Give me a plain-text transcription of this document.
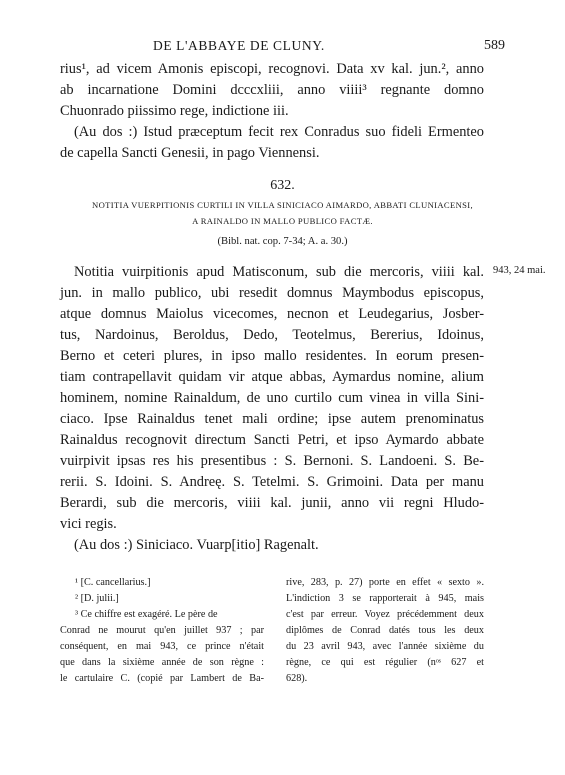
DE L'ABBAYE DE CLUNY.	589
rius¹, ad vicem Amonis episcopi, recognovi. Data xv kal. jun.², anno
ab incarnatione Domini dcccxliii, anno viiii³ regnante domno
Chuonrado piissimo rege, indictione iii.
(Au dos :) Istud præceptum fecit rex Conradus suo fideli Ermenteo
de capella Sancti Genesii, in pago Viennensi.
632.
NOTITIA VUERPITIONIS CURTILI IN VILLA SINICIACO AIMARDO, ABBATI CLUNIACENSI,
A RAINALDO IN MALLO PUBLICO FACTÆ.
(Bibl. nat. cop. 7-34; A. a. 30.)
943, 24 mai.
Notitia vuirpitionis apud Matisconum, sub die mercoris, viiii kal.
jun. in mallo publico, ubi resedit domnus Maymbodus episcopus,
atque domnus Maiolus vicecomes, necnon et Leudegarius, Josber-
tus, Nardoinus, Beroldus, Dedo, Teotelmus, Bererius, Idoinus,
Berno et ceteri plures, in ipso mallo residentes. In eorum presen-
tiam contrapellavit quidam vir atque abbas, Aymardus nomine, alium
hominem, nomine Rainaldum, de uno curtilo cum vinea in villa Sini-
ciaco. Ipse Rainaldus tenet mali ordine; ipse autem prenominatus
Rainaldus recognovit directum Sancti Petri, et ipso Aymardo abbate
vuirpivit ipsas res his presentibus : S. Bernoni. S. Landoeni. S. Be-
rerii. S. Idoini. S. Andreę. S. Tetelmi. S. Grimoini. Data per manu
Berardi, sub die mercoris, viiii kal. junii, anno vii regni Hludo-
vici regis.
(Au dos :) Siniciaco. Vuarp[itio] Ragenalt.
¹ [C. cancellarius.]
² [D. julii.]
³ Ce chiffre est exagéré. Le père de
Conrad ne mourut qu'en juillet 937 ; par
conséquent, en mai 943, ce prince n'était
que dans la sixième année de son règne :
le cartulaire C. (copié par Lambert de Ba-
rive, 283, p. 27) porte en effet « sexto ».
L'indiction 3 se rapporterait à 945, mais
c'est par erreur. Voyez précédemment deux
diplômes de Conrad datés tous les deux
du 23 avril 943, avec l'année sixième du
règne, ce qui est régulier (nᵒˢ 627 et
628).
